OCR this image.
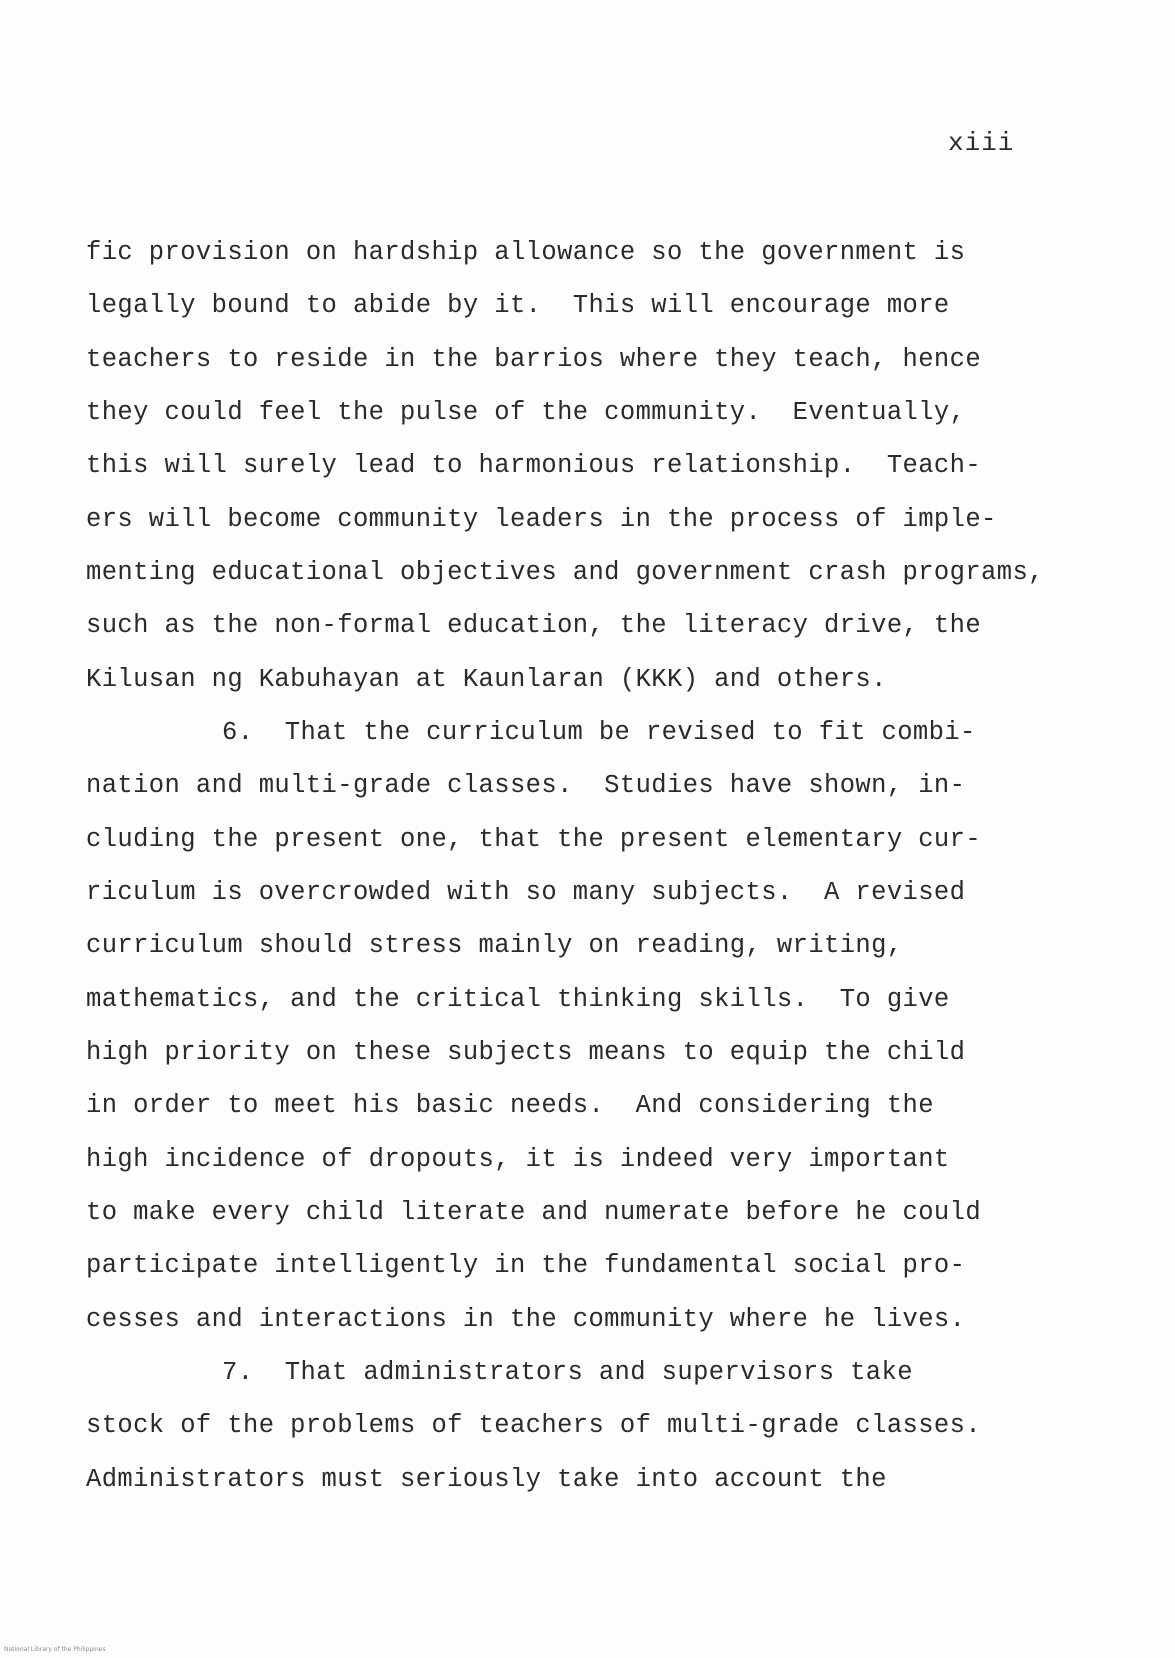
xiii
fic provision on hardship allowance so the government is
legally bound to abide by it.  This will encourage more
teachers to reside in the barrios where they teach, hence
they could feel the pulse of the community.  Eventually,
this will surely lead to harmonious relationship.  Teach-
ers will become community leaders in the process of imple-
menting educational objectives and government crash programs,
such as the non-formal education, the literacy drive, the
Kilusan ng Kabuhayan at Kaunlaran (KKK) and others.
6.  That the curriculum be revised to fit combi-
nation and multi-grade classes.  Studies have shown, in-
cluding the present one, that the present elementary cur-
riculum is overcrowded with so many subjects.  A revised
curriculum should stress mainly on reading, writing,
mathematics, and the critical thinking skills.  To give
high priority on these subjects means to equip the child
in order to meet his basic needs.  And considering the
high incidence of dropouts, it is indeed very important
to make every child literate and numerate before he could
participate intelligently in the fundamental social pro-
cesses and interactions in the community where he lives.
7.  That administrators and supervisors take
stock of the problems of teachers of multi-grade classes.
Administrators must seriously take into account the
National Library of the Philippines
